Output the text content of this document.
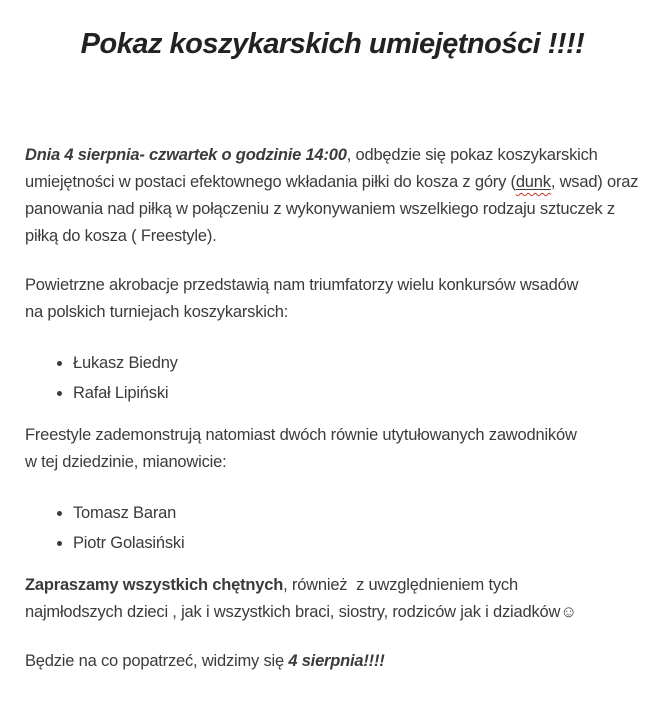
Pokaz koszykarskich umiejętności !!!!

Dnia 4 sierpnia- czwartek o godzinie 14:00, odbędzie się pokaz koszykarskich umiejętności w postaci efektownego wkładania piłki do kosza z góry (dunk, wsad) oraz panowania nad piłką w połączeniu z wykonywaniem wszelkiego rodzaju sztuczek z piłką do kosza ( Freestyle).

Powietrzne akrobacje przedstawią nam triumfatorzy wielu konkursów wsadów na polskich turniejach koszykarskich:

• Łukasz Biedny
• Rafał Lipiński

Freestyle zademonstrują natomiast dwóch równie utytułowanych zawodników w tej dziedzinie, mianowicie:

• Tomasz Baran
• Piotr Golasiński

Zapraszamy wszystkich chętnych, również  z uwzględnieniem tych
najmłodszych dzieci , jak i wszystkich braci, siostry, rodziców jak i dziadków☺

Będzie na co popatrzeć, widzimy się 4 sierpnia!!!!
